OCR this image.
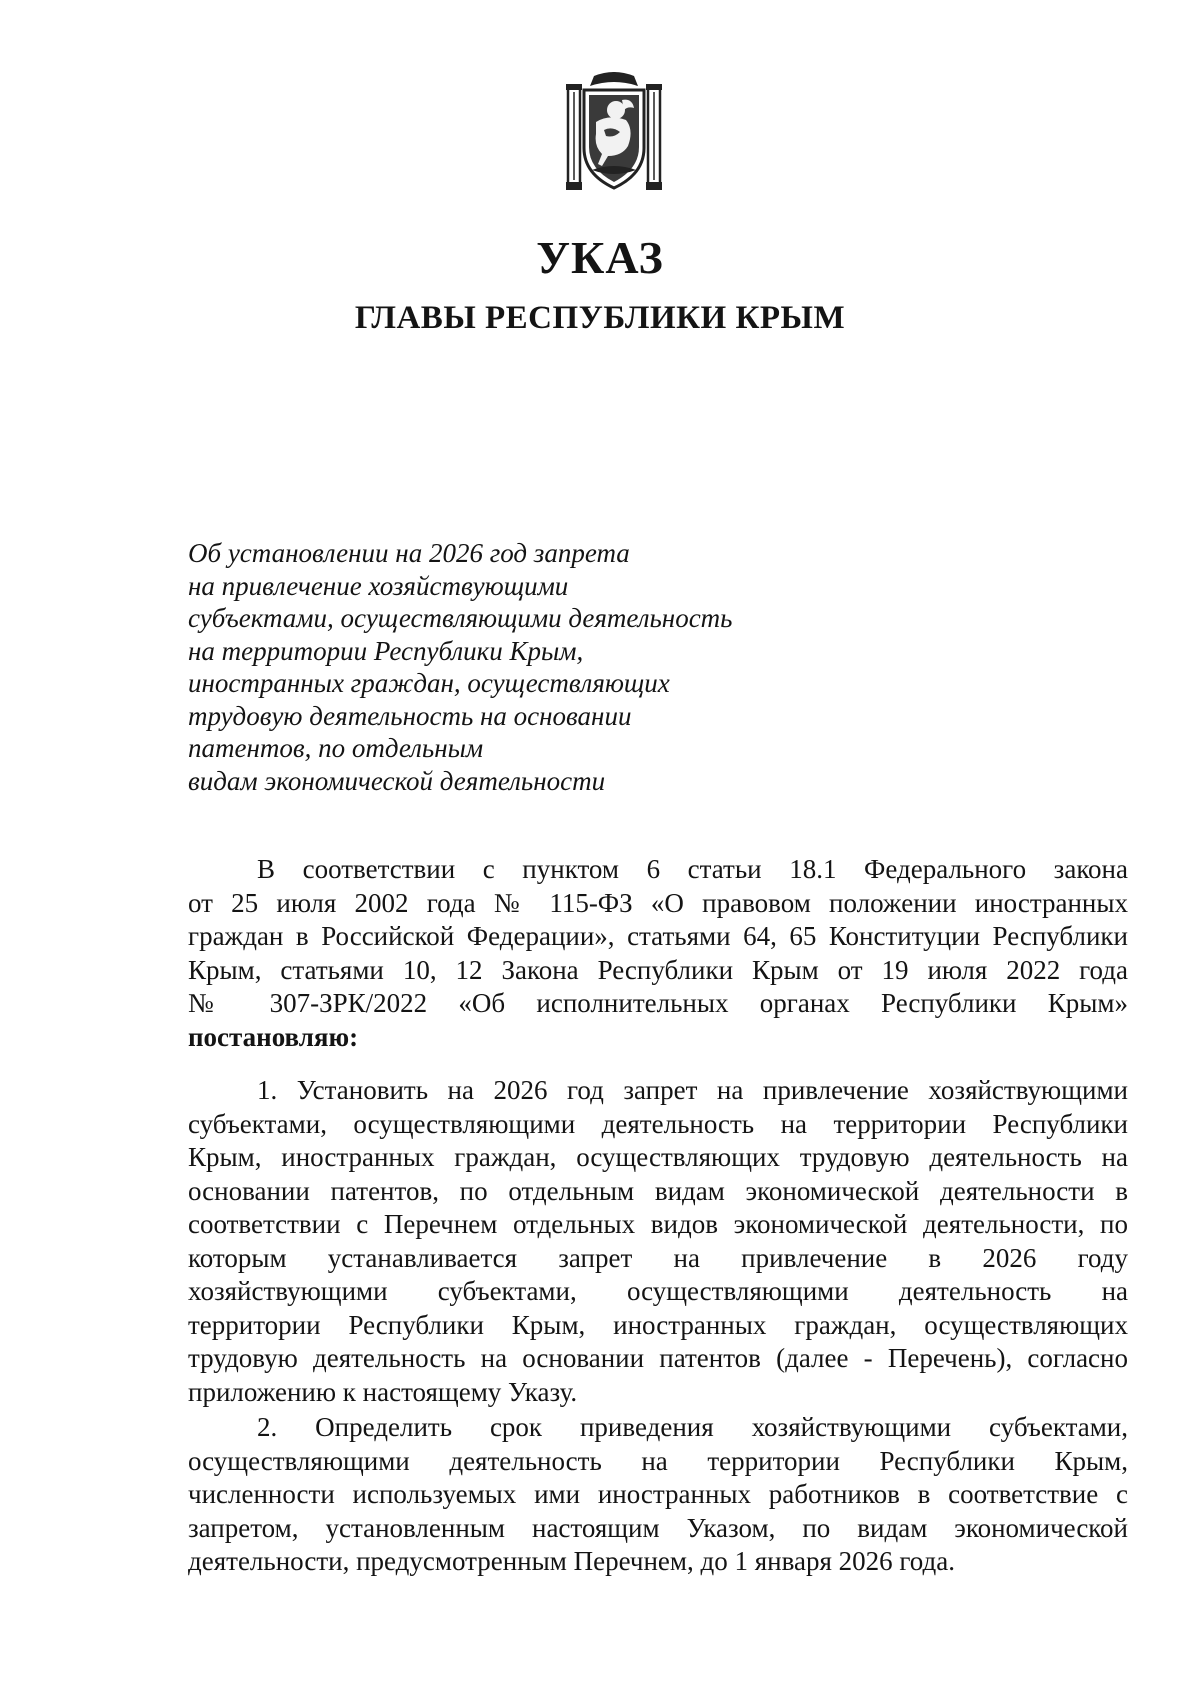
УКАЗ
ГЛАВЫ РЕСПУБЛИКИ КРЫМ
Об установлении на 2026 год запрета
на привлечение хозяйствующими
субъектами, осуществляющими деятельность
на территории Республики Крым,
иностранных граждан, осуществляющих
трудовую деятельность на основании
патентов, по отдельным
видам экономической деятельности
В соответствии с пунктом 6 статьи 18.1 Федерального закона
от 25 июля 2002 года № 115-ФЗ «О правовом положении иностранных
граждан в Российской Федерации», статьями 64, 65 Конституции Республики
Крым, статьями 10, 12 Закона Республики Крым от 19 июля 2022 года
№ 307-ЗРК/2022 «Об исполнительных органах Республики Крым»
постановляю:
1. Установить на 2026 год запрет на привлечение хозяйствующими
субъектами, осуществляющими деятельность на территории Республики
Крым, иностранных граждан, осуществляющих трудовую деятельность на
основании патентов, по отдельным видам экономической деятельности в
соответствии с Перечнем отдельных видов экономической деятельности, по
которым устанавливается запрет на привлечение в 2026 году
хозяйствующими субъектами, осуществляющими деятельность на
территории Республики Крым, иностранных граждан, осуществляющих
трудовую деятельность на основании патентов (далее - Перечень), согласно
приложению к настоящему Указу.
2. Определить срок приведения хозяйствующими субъектами,
осуществляющими деятельность на территории Республики Крым,
численности используемых ими иностранных работников в соответствие с
запретом, установленным настоящим Указом, по видам экономической
деятельности, предусмотренным Перечнем, до 1 января 2026 года.
